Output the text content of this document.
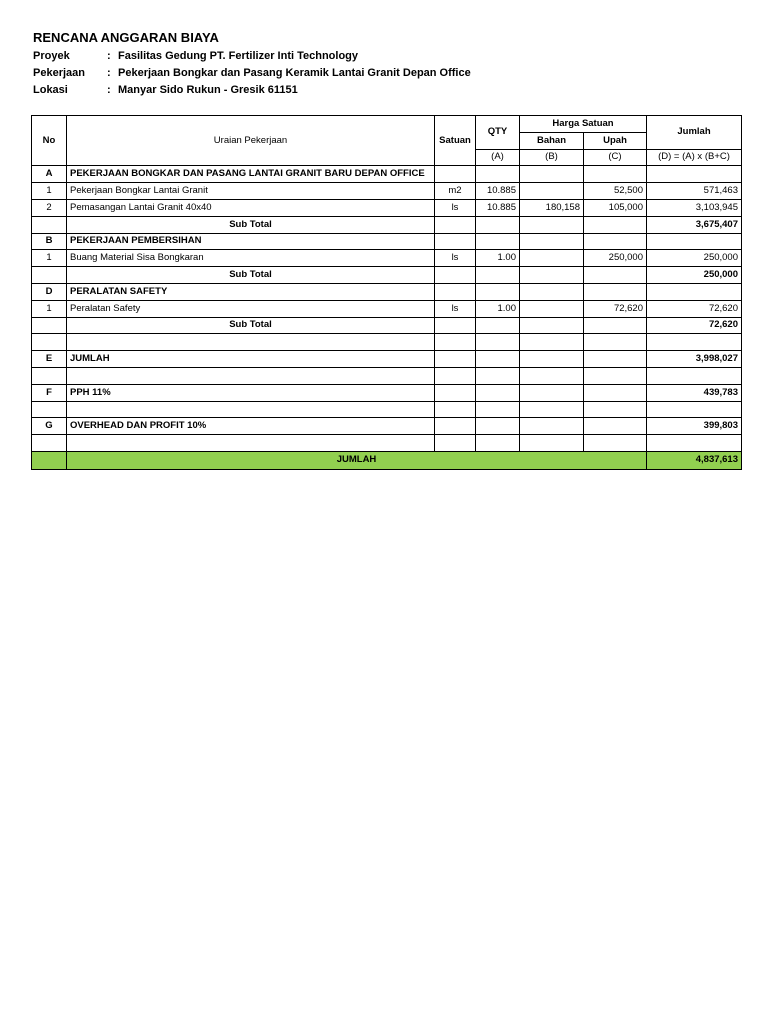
RENCANA ANGGARAN BIAYA
Proyek	: Fasilitas Gedung PT. Fertilizer Inti Technology
Pekerjaan : Pekerjaan Bongkar dan Pasang Keramik Lantai Granit Depan Office
Lokasi	: Manyar Sido Rukun - Gresik 61151
No	Uraian Pekerjaan	Satuan	QTY	Harga Satuan		Jumlah
				Bahan	Upah	
			(A)	(B)	(C)	(D) = (A) x (B+C)
A	PEKERJAAN BONGKAR DAN PASANG LANTAI GRANIT BARU DEPAN OFFICE					
1	Pekerjaan Bongkar Lantai Granit	m2	10.885		52,500	571,463
2	Pemasangan Lantai Granit 40x40	ls	10.885	180,158	105,000	3,103,945
	Sub Total					3,675,407
B	PEKERJAAN PEMBERSIHAN					
1	Buang Material Sisa Bongkaran	ls	1.00		250,000	250,000
	Sub Total					250,000
D	PERALATAN SAFETY					
1	Peralatan Safety	ls	1.00		72,620	72,620
	Sub Total					72,620

E	JUMLAH					3,998,027

F	PPH 11%					439,783

G	OVERHEAD DAN PROFIT 10%					399,803

	JUMLAH					4,837,613
